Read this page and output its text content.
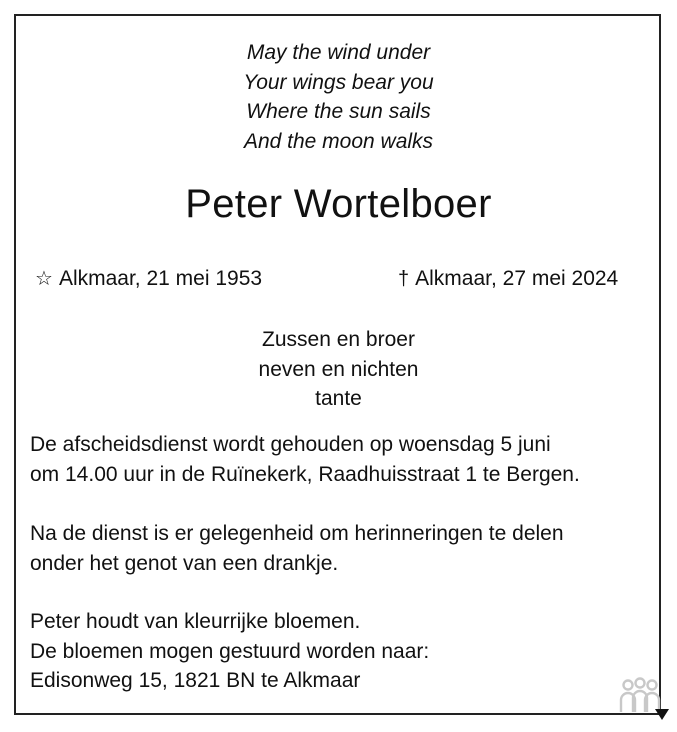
May the wind under
Your wings bear you
Where the sun sails
And the moon walks
Peter Wortelboer
☆ Alkmaar, 21 mei 1953	† Alkmaar, 27 mei 2024
Zussen en broer
neven en nichten
tante
De afscheidsdienst wordt gehouden op woensdag 5 juni
om 14.00 uur in de Ruïnekerk, Raadhuisstraat 1 te Bergen.
Na de dienst is er gelegenheid om herinneringen te delen
onder het genot van een drankje.
Peter houdt van kleurrijke bloemen.
De bloemen mogen gestuurd worden naar:
Edisonweg 15, 1821 BN te Alkmaar
